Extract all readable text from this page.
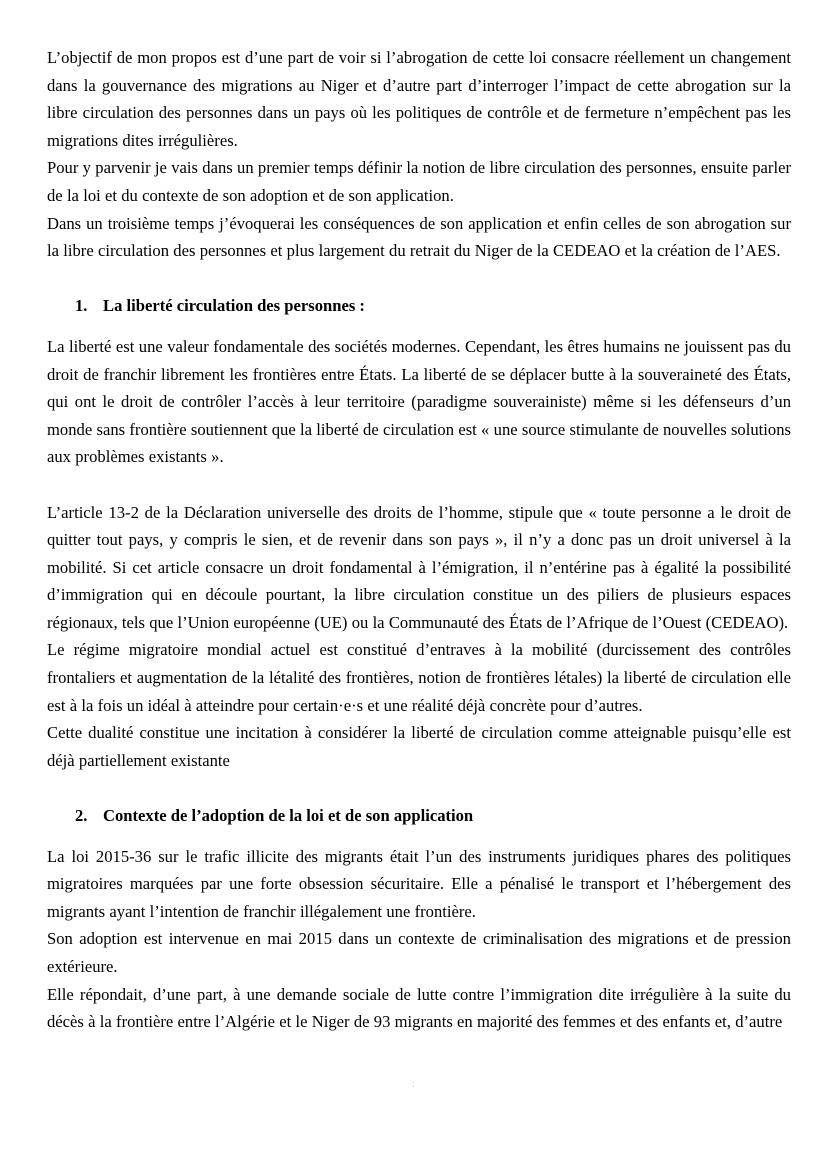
L’objectif de mon propos est d’une part de voir si l’abrogation de cette loi consacre réellement un changement dans la gouvernance des migrations au Niger et d’autre part d’interroger l’impact de cette abrogation sur la libre circulation des personnes dans un pays où les politiques de contrôle et de fermeture n’empêchent pas les migrations dites irrégulières.

Pour y parvenir je vais dans un premier temps définir la notion de libre circulation des personnes, ensuite parler de la loi et du contexte de son adoption et de son application.

Dans un troisième temps j’évoquerai les conséquences de son application et enfin celles de son abrogation sur la libre circulation des personnes et plus largement du retrait du Niger de la CEDEAO et la création de l’AES.

1. La liberté circulation des personnes :

La liberté est une valeur fondamentale des sociétés modernes. Cependant, les êtres humains ne jouissent pas du droit de franchir librement les frontières entre États. La liberté de se déplacer butte à la souveraineté des États, qui ont le droit de contrôler l’accès à leur territoire (paradigme souverainiste) même si les défenseurs d’un monde sans frontière soutiennent que la liberté de circulation est « une source stimulante de nouvelles solutions aux problèmes existants ».

L’article 13-2 de la Déclaration universelle des droits de l’homme, stipule que « toute personne a le droit de quitter tout pays, y compris le sien, et de revenir dans son pays », il n’y a donc pas un droit universel à la mobilité. Si cet article consacre un droit fondamental à l’émigration, il n’entérine pas à égalité la possibilité d’immigration qui en découle pourtant, la libre circulation constitue un des piliers de plusieurs espaces régionaux, tels que l’Union européenne (UE) ou la Communauté des États de l’Afrique de l’Ouest (CEDEAO).

Le régime migratoire mondial actuel est constitué d’entraves à la mobilité (durcissement des contrôles frontaliers et augmentation de la létalité des frontières, notion de frontières létales) la liberté de circulation elle est à la fois un idéal à atteindre pour certain·e·s et une réalité déjà concrète pour d’autres.

Cette dualité constitue une incitation à considérer la liberté de circulation comme atteignable puisqu’elle est déjà partiellement existante

2. Contexte de l’adoption de la loi et de son application

La loi 2015-36 sur le trafic illicite des migrants était l’un des instruments juridiques phares des politiques migratoires marquées par une forte obsession sécuritaire. Elle a pénalisé le transport et l’hébergement des migrants ayant l’intention de franchir illégalement une frontière.

Son adoption est intervenue en mai 2015 dans un contexte de criminalisation des migrations et de pression extérieure.

Elle répondait, d’une part, à une demande sociale de lutte contre l’immigration dite irrégulière à la suite du décès à la frontière entre l’Algérie et le Niger de 93 migrants en majorité des femmes et des enfants et, d’autre

:
